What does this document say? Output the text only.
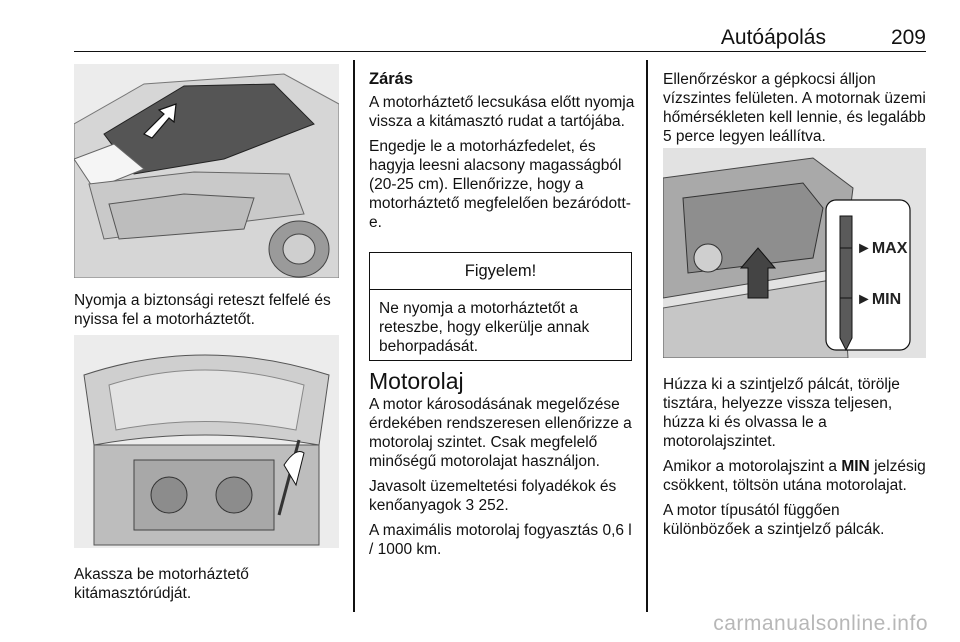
Autóápolás	209
Nyomja a biztonsági reteszt felfelé és nyissa fel a motorháztetőt.
Akassza be motorháztető kitámasztórúdját.
Zárás

A motorháztető lecsukása előtt nyomja vissza a kitámasztó rudat a tartójába.

Engedje le a motorházfedelet, és hagyja leesni alacsony magasságból (20-25 cm). Ellenőrizze, hogy a motorháztető megfelelően bezáródott-e.

Figyelem!
Ne nyomja a motorháztetőt a reteszbe, hogy elkerülje annak behorpadását.
Motorolaj

A motor károsodásának megelőzése érdekében rendszeresen ellenőrizze a motorolaj szintet. Csak megfelelő minőségű motorolajat használjon.

Javasolt üzemeltetési folyadékok és kenőanyagok 3 252.

A maximális motorolaj fogyasztás 0,6 l / 1000 km.

Ellenőrzéskor a gépkocsi álljon vízszintes felületen. A motornak üzemi hőmérsékleten kell lennie, és legalább 5 perce legyen leállítva.
►MAX
►MIN

Húzza ki a szintjelző pálcát, törölje tisztára, helyezze vissza teljesen, húzza ki és olvassa le a motorolajszintet.

Amikor a motorolajszint a MIN jelzésig csökkent, töltsön utána motorolajat.

A motor típusától függően különbözőek a szintjelző pálcák.

carmanualsonline.info
